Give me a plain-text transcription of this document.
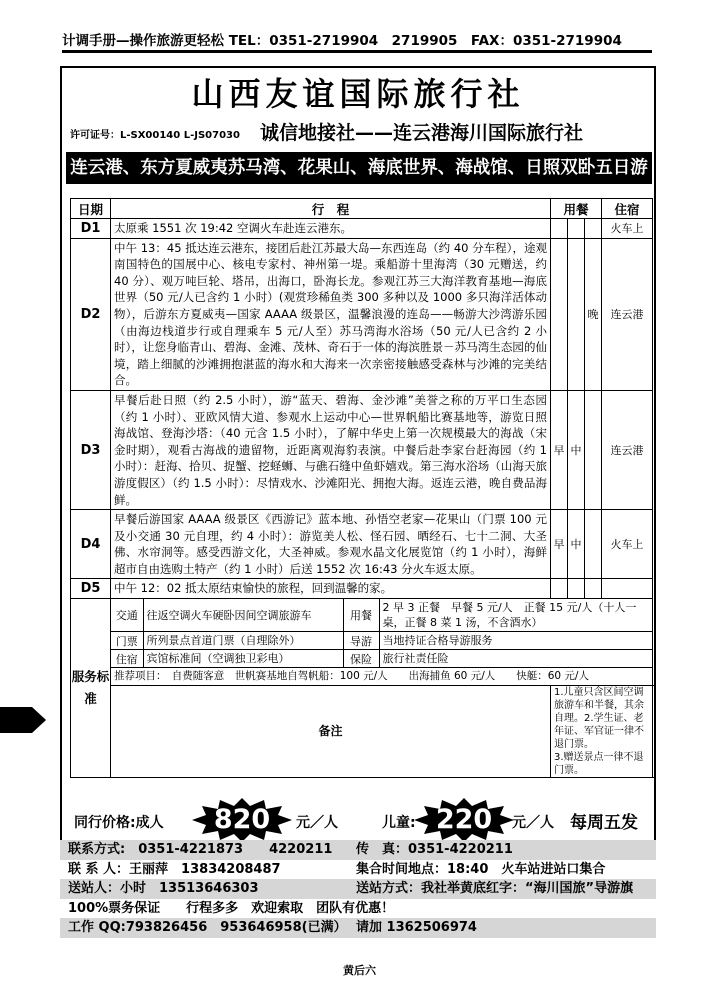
计调手册—操作旅游更轻松 TEL：0351-2719904　2719905　FAX：0351-2719904
山西友谊国际旅行社
许可证号：L-SX00140 L-JS07030 诚信地接社——连云港海川国际旅行社
连云港、东方夏威夷苏马湾、花果山、海底世界、海战馆、日照双卧五日游
日期	行　程	用餐	住宿
D1	太原乘 1551 次 19:42 空调火车赴连云港东。				火车上
D2	中午 13：45 抵达连云港东，接团后赴江苏最大岛—东西连岛（约 40 分车程），途观南国特色的国展中心、核电专家村、神州第一堤。乘船游十里海湾（30 元赠送，约 40 分）、观万吨巨轮、塔吊，出海口，卧海长龙。参观江苏三大海洋教育基地—海底世界（50 元/人已含约 1 小时）(观赏珍稀鱼类 300 多种以及 1000 多只海洋活体动物），后游东方夏威夷—国家 AAAA 级景区，温馨浪漫的连岛——畅游大沙湾游乐园（由海边栈道步行或自理乘车 5 元/人至）苏马湾海水浴场（50 元/人已含约 2 小时），让您身临青山、碧海、金滩、茂林、奇石于一体的海滨胜景－苏马湾生态园的仙境，踏上细腻的沙滩拥抱湛蓝的海水和大海来一次亲密接触感受森林与沙滩的完美结合。			晚	连云港
D3	早餐后赴日照（约 2.5 小时），游“蓝天、碧海、金沙滩”美誉之称的万平口生态园（约 1 小时）、亚欧风情大道、参观水上运动中心—世界帆船比赛基地等，游览日照海战馆、登海沙塔：（40 元含 1.5 小时），了解中华史上第一次规模最大的海战（宋金时期），观看古海战的遗留物，近距离观海豹表演。中餐后赴李家台赶海园（约 1 小时）：赶海、拾贝、捉蟹、挖蛏蛳、与礁石缝中鱼虾嬉戏。第三海水浴场（山海天旅游度假区）（约 1.5 小时）：尽情戏水、沙滩阳光、拥抱大海。返连云港，晚自费品海鲜。	早	中		连云港
D4	早餐后游国家 AAAA 级景区《西游记》蓝本地、孙悟空老家—花果山（门票 100 元及小交通 30 元自理，约 4 小时）：游览美人松、怪石园、晒经石、七十二洞、大圣佛、水帘洞等。感受西游文化，大圣神威。参观水晶文化展览馆（约 1 小时），海鲜超市自由选购土特产（约 1 小时）后送 1552 次 16:43 分火车返太原。	早	中		火车上
D5	中午 12：02 抵太原结束愉快的旅程，回到温馨的家。				
服务标准	
交通	往返空调火车硬卧因间空调旅游车	用餐	2 早 3 正餐　早餐 5 元/人　正餐 15 元/人（十人一桌，正餐 8 菜 1 汤，不含酒水）
门票	所列景点首道门票（自理除外）	导游	当地持证合格导游服务
住宿	宾馆标准间（空调独卫彩电）	保险	旅行社责任险

推荐项目：　自费随客意　世帆赛基地自驾帆船：100 元/人　　出海捕鱼 60 元/人　　快艇：60 元/人
备注	
1.儿童只含区间空调旅游车和半餐，其余自理。2.学生证、老年证、军官证一律不退门票。
3.赠送景点一律不退门票。
同行价格:成人	820	元／人	儿童: 220	元／人 每周五发
联系方式:　0351-4221873　　4220211 传　真：0351-4220211
联 系 人：王丽萍　13834208487	集合时间地点：18:40　火车站进站口集合
送站人：小时　13513646303	送站方式：我社举黄底红字：“海川国旅”导游旗
100%票务保证　　行程多多　欢迎索取　团队有优惠！
工作 QQ:793826456　953646958(已满） 请加 1362506974
黄后六
